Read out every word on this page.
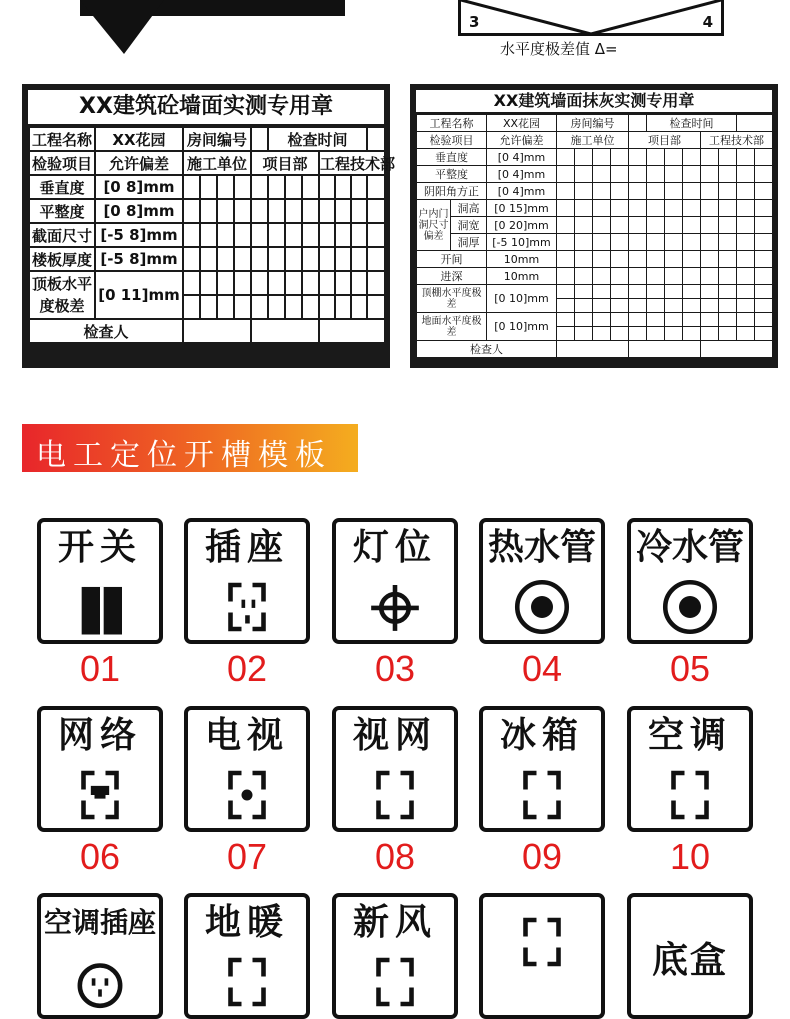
3	4
水平度极差值 Δ=
XX建筑砼墙面实测专用章
工程名称	XX花园	房间编号					检查时间						
检验项目	允许偏差	施工单位				项目部				工程技术部			
垂直度	[0 8]mm												
平整度	[0 8]mm												
截面尺寸	[-5 8]mm												
楼板厚度	[-5 8]mm												
顶板水平度极差	[0 11]mm												

检查人													
XX建筑墙面抹灰实测专用章
工程名称		XX花园	房间编号					检查时间						
检验项目		允许偏差	施工单位				项目部				工程技术部			
垂直度		[0 4]mm												
平整度		[0 4]mm												
阴阳角方正		[0 4]mm												
户内门洞尺寸偏差	洞高	[0 15]mm												
	洞宽	[0 20]mm												
	洞厚	[-5 10]mm												
开间		10mm												
进深		10mm												
顶棚水平度极差		[0 10]mm												

地面水平度极差		[0 10]mm												

检查人														
电工定位开槽模板
开关
01
插座
02
灯位
03
热水管
04
冷水管
05
网络
06
电视
07
视网
08
冰箱
09
空调
10
空调插座	地暖	新风
底盒
